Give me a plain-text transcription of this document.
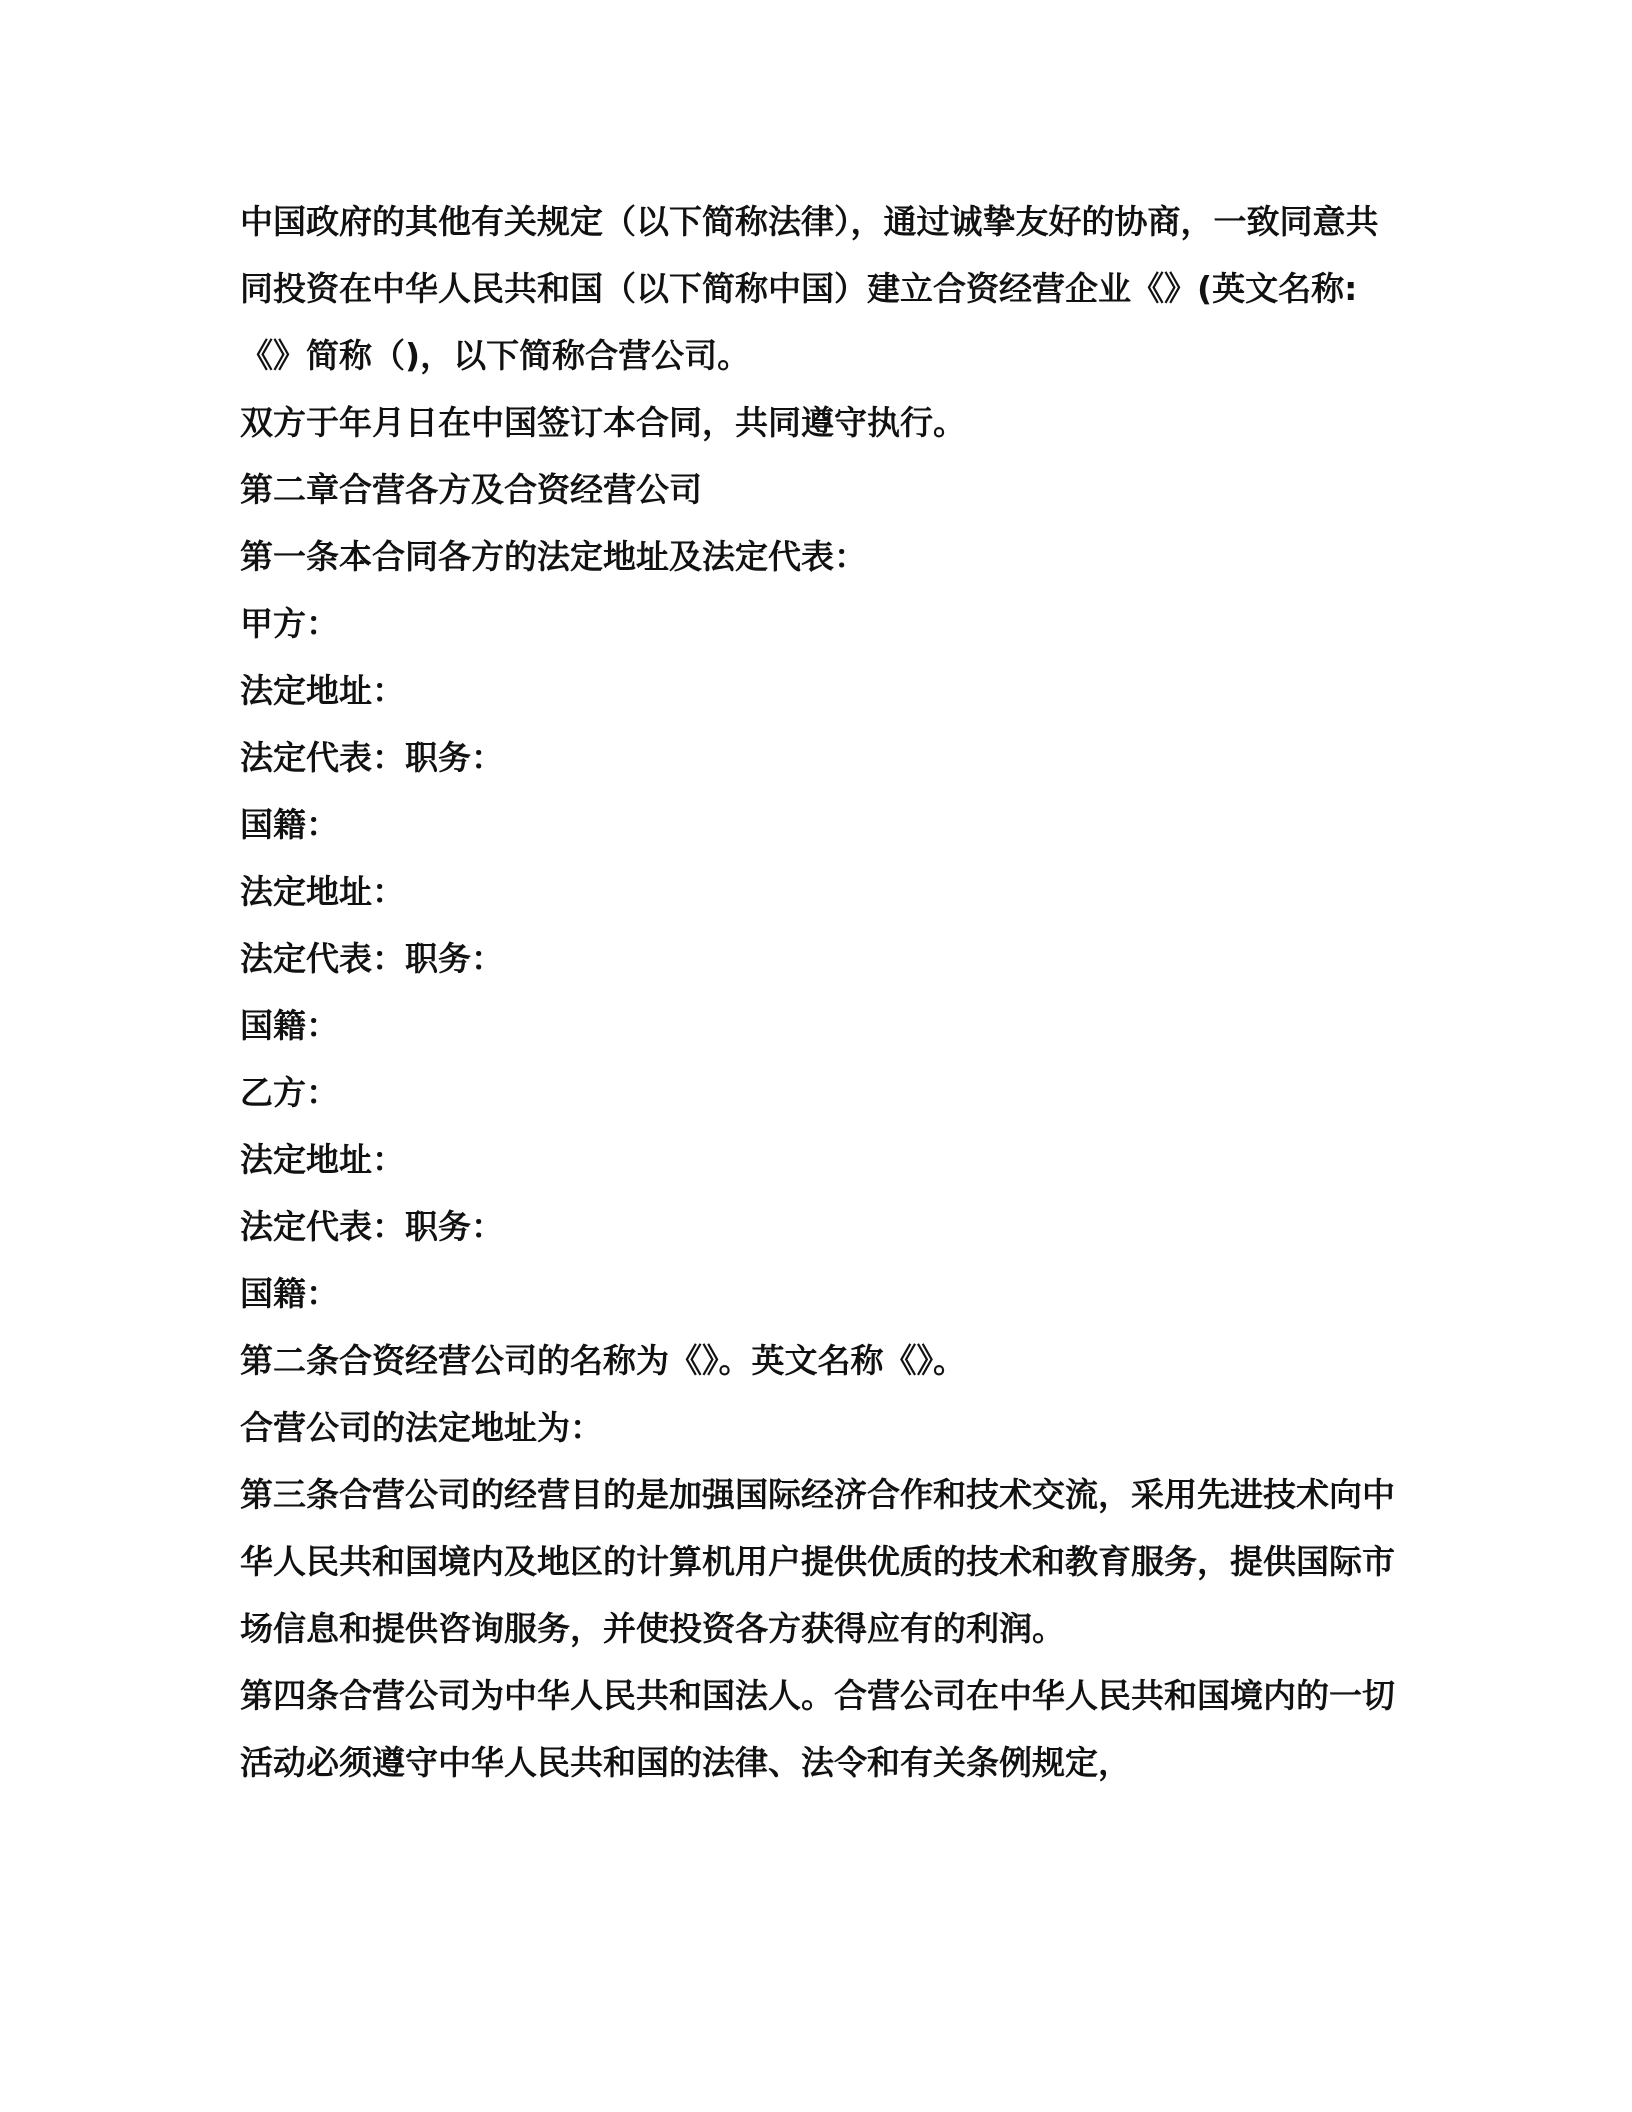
中国政府的其他有关规定（以下简称法律），通过诚挚友好的协商，一致同意共同投资在中华人民共和国（以下简称中国）建立合资经营企业《》(英文名称:《》简称（)，以下简称合营公司。

双方于年月日在中国签订本合同，共同遵守执行。

第二章合营各方及合资经营公司

第一条本合同各方的法定地址及法定代表：

甲方：

法定地址：

法定代表：职务：

国籍：

法定地址：

法定代表：职务：

国籍：

乙方：

法定地址：

法定代表：职务：

国籍：

第二条合资经营公司的名称为《》。英文名称《》。

合营公司的法定地址为：

第三条合营公司的经营目的是加强国际经济合作和技术交流，采用先进技术向中华人民共和国境内及地区的计算机用户提供优质的技术和教育服务，提供国际市场信息和提供咨询服务，并使投资各方获得应有的利润。

第四条合营公司为中华人民共和国法人。合营公司在中华人民共和国境内的一切活动必须遵守中华人民共和国的法律、法令和有关条例规定，
